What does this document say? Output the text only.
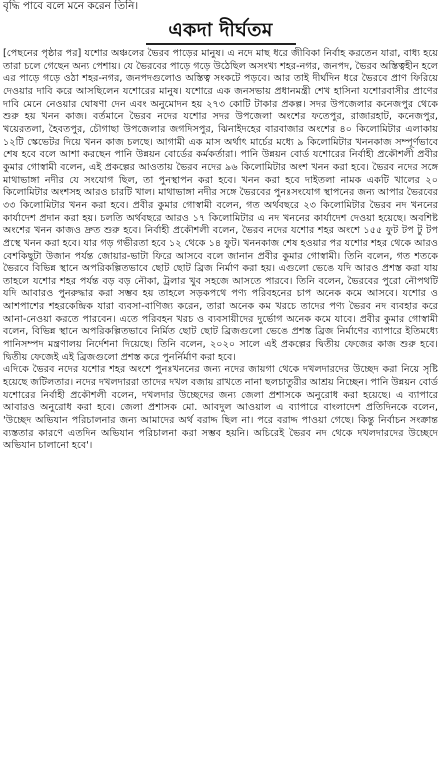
বৃদ্ধি পাবে বলে মনে করেন তিনি।

একদা দীর্ঘতম

[পেছনের পৃষ্ঠার পর] যশোর অঞ্চলের ভৈরব পাড়ের মানুষ। এ নদে মাছ ধরে জীবিকা নির্বাহ করতেন যারা, বাধ্য হয়ে তারা চলে গেছেন অন্য পেশায়। যে ভৈরবের পাড়ে গড়ে উঠেছিল অসংখ্য শহর-নগর, জনপদ, ভৈরব অস্তিত্বহীন হলে এর পাড়ে গড়ে ওঠা শহর-নগর, জনপদগুলোও অস্তিত্ব সংকটে পড়বে। আর তাই দীর্ঘদিন ধরে ভৈরবে প্রাণ ফিরিয়ে দেওয়ার দাবি করে আসছিলেন যশোরের মানুষ। যশোরে এক জনসভায় প্রধানমন্ত্রী শেখ হাসিনা যশোরবাসীর প্রাণের দাবি মেনে নেওয়ার ঘোষণা দেন এবং অনুমোদন হয় ২৭৩ কোটি টাকার প্রকল্প। সদর উপজেলার কনেজপুর থেকে শুরু হয় খনন কাজ। বর্তমানে ভৈরব নদের যশোর সদর উপজেলা অংশের ফতেপুর, রাজারহাট, কনেজপুর, খয়েরতলা, হৈবতপুর, চৌগাছা উপজেলার জগদিসপুর, ঝিনাইদহের বারবাজার অংশের ৪০ কিলোমিটার এলাকায় ১২টি স্কেভেটর দিয়ে খনন কাজ চলছে। আগামী এক মাস অর্থাৎ মার্চের মধ্যে ৯ কিলোমিটার খননকাজ সম্পূর্ণভাবে শেষ হবে বলে আশা করছেন পানি উন্নয়ন বোর্ডের কর্মকর্তারা। পানি উন্নয়ন বোর্ড যশোরের নির্বাহী প্রকৌশলী প্রবীর কুমার গোস্বামী বলেন, এই প্রকল্পের আওতায় ভৈরব নদের ৯৬ কিলোমিটার অংশ খনন করা হবে। ভৈরব নদের সঙ্গে মাথাভাঙ্গা নদীর যে সংযোগ ছিল, তা পুনস্থাপন করা হবে। খনন করা হবে দাইতলা নামক একটি খালের ২০ কিলোমিটার অংশসহ আরও চারটি খাল। মাথাভাঙ্গা নদীর সঙ্গে ভৈরবের পুনঃসংযোগ স্থাপনের জন্য আপার ভৈরবের ৩৩ কিলোমিটার খনন করা হবে। প্রবীর কুমার গোস্বামী বলেন, গত অর্থবছরে ২৩ কিলোমিটার ভৈরব নদ খননের কার্যাদেশ প্রদান করা হয়। চলতি অর্থবছরে আরও ১৭ কিলোমিটার এ নদ খননের কার্যাদেশ দেওয়া হয়েছে। অবশিষ্ট অংশের খনন কাজও দ্রুত শুরু হবে। নির্বাহী প্রকৌশলী বলেন, ভৈরব নদের যশোর শহর অংশে ১৫৫ ফুট টপ টু টপ প্রস্থে খনন করা হবে। যার গড় গভীরতা হবে ১২ থেকে ১৪ ফুট। খননকাজ শেষ হওয়ার পর যশোর শহর থেকে আরও বেশকিছুটা উজান পর্যন্ত জোয়ার-ভাটা ফিরে আসবে বলে জানান প্রবীর কুমার গোস্বামী। তিনি বলেন, গত শতকে ভৈরবে বিভিন্ন স্থানে অপরিকল্পিতভাবে ছোট ছোট ব্রিজ নির্মাণ করা হয়। এগুলো ভেঙে যদি আরও প্রশস্ত করা যায় তাহলে যশোর শহর পর্যন্ত বড় বড় নৌকা, ট্রলার খুব সহজে আসতে পারবে। তিনি বলেন, ভৈরবের পুরো নৌপথটি যদি আবারও পুনরুদ্ধার করা সম্ভব হয় তাহলে সড়কপথে পণ্য পরিবহনের চাপ অনেক কমে আসবে। যশোর ও আশপাশের শহরকেন্দ্রিক যারা ব্যবসা-বাণিজ্য করেন, তারা অনেক কম খরচে তাদের পণ্য ভৈরব নদ ব্যবহার করে আনা-নেওয়া করতে পারবেন। এতে পরিবহন খরচ ও ব্যবসায়ীদের দুর্ভোগ অনেক কমে যাবে। প্রবীর কুমার গোস্বামী বলেন, বিভিন্ন স্থানে অপরিকল্পিতভাবে নির্মিত ছোট ছোট ব্রিজগুলো ভেঙে প্রশস্ত ব্রিজ নির্মাণের ব্যাপারে ইতিমধ্যে পানিসম্পদ মন্ত্রণালয় নির্দেশনা দিয়েছে। তিনি বলেন, ২০২০ সালে এই প্রকল্পের দ্বিতীয় ফেজের কাজ শুরু হবে। দ্বিতীয় ফেজেই এই ব্রিজগুলো প্রশস্ত করে পুনর্নির্মাণ করা হবে।

এদিকে ভৈরব নদের যশোর শহর অংশে পুনঃখননের জন্য নদের জায়গা থেকে দখলদারদের উচ্ছেদ করা নিয়ে সৃষ্টি হয়েছে জটিলতার। নদের দখলদাররা তাদের দখল বজায় রাখতে নানা ছলচাতুরীর আশ্রয় নিচ্ছেন। পানি উন্নয়ন বোর্ড যশোরের নির্বাহী প্রকৌশলী বলেন, দখলদার উচ্ছেদের জন্য জেলা প্রশাসকে অনুরোধ করা হয়েছে। এ ব্যাপারে আবারও অনুরোধ করা হবে। জেলা প্রশাসক মো. আবদুল আওয়াল এ ব্যাপারে বাংলাদেশ প্রতিদিনকে বলেন, 'উচ্ছেদ অভিযান পরিচালনার জন্য আমাদের অর্থ বরাদ্দ ছিল না। পরে বরাদ্দ পাওয়া গেছে। কিন্তু নির্বাচন সংক্রান্ত ব্যস্ততার কারণে এতদিন অভিযান পরিচালনা করা সম্ভব হয়নি। অচিরেই ভৈরব নদ থেকে দখলদারদের উচ্ছেদে অভিযান চালানো হবে'।
